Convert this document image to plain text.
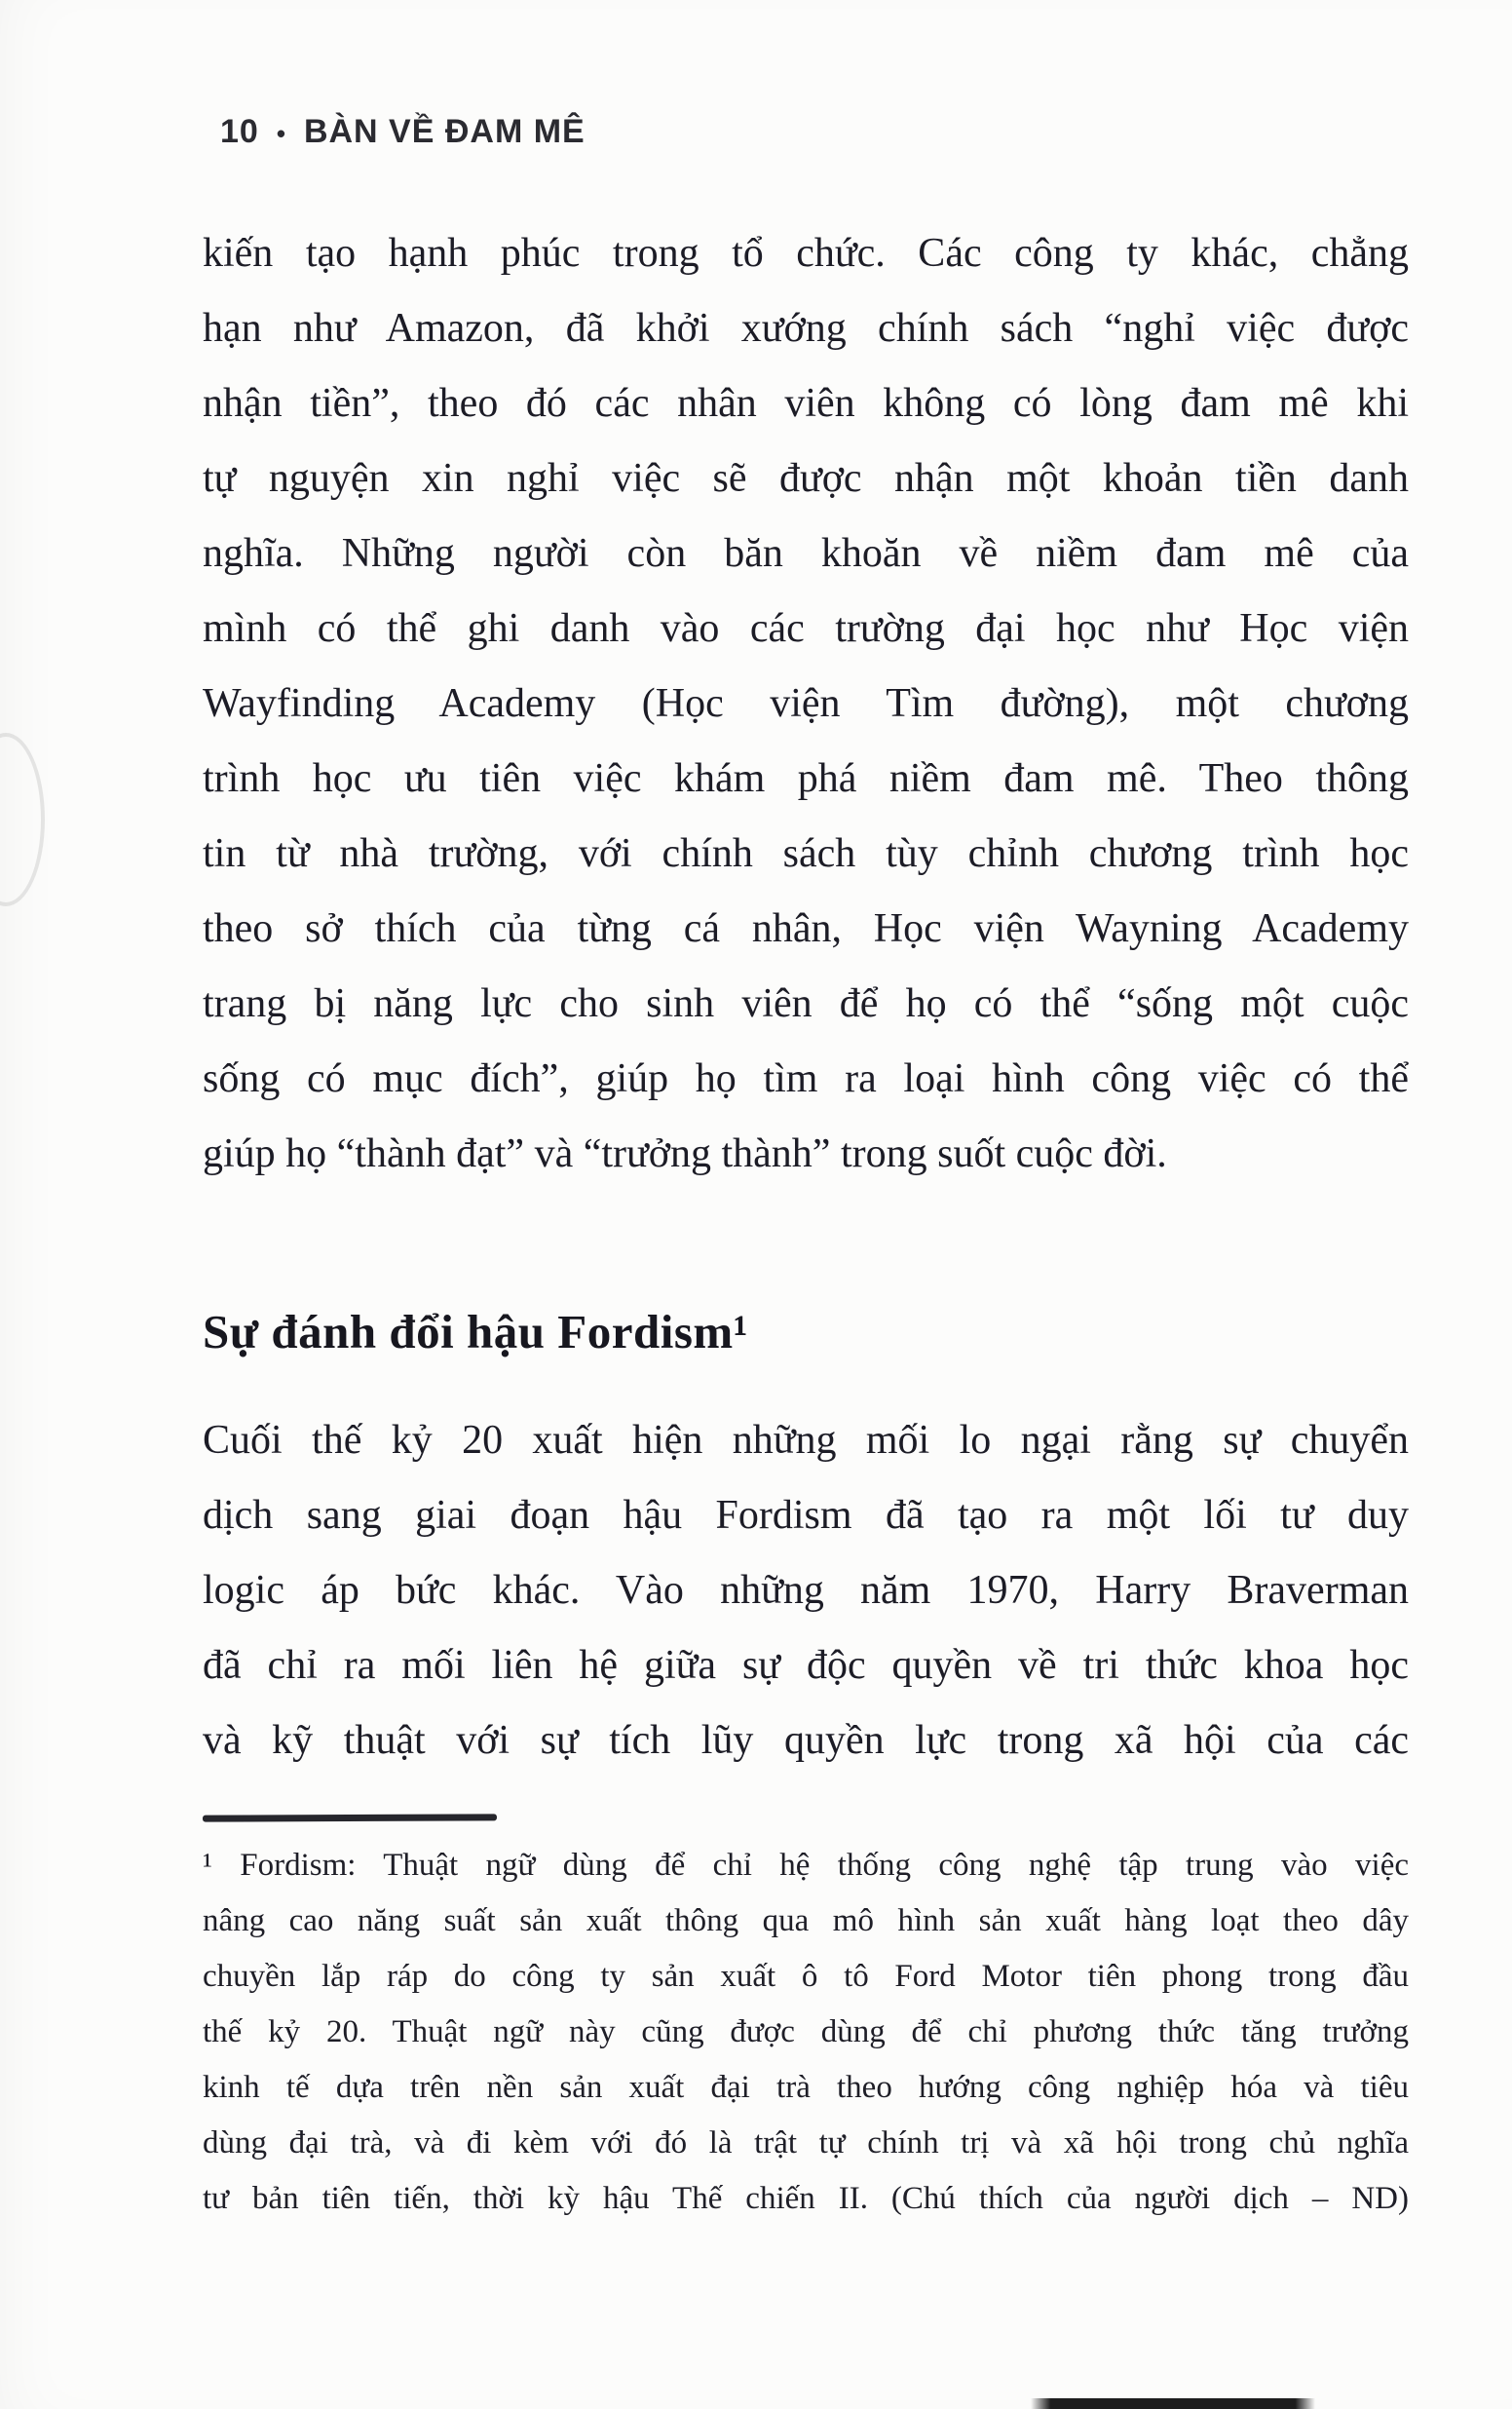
10 • BÀN VỀ ĐAM MÊ
kiến tạo hạnh phúc trong tổ chức. Các công ty khác, chẳng
hạn như Amazon, đã khởi xướng chính sách “nghỉ việc được
nhận tiền”, theo đó các nhân viên không có lòng đam mê khi
tự nguyện xin nghỉ việc sẽ được nhận một khoản tiền danh
nghĩa. Những người còn băn khoăn về niềm đam mê của
mình có thể ghi danh vào các trường đại học như Học viện
Wayfinding Academy (Học viện Tìm đường), một chương
trình học ưu tiên việc khám phá niềm đam mê. Theo thông
tin từ nhà trường, với chính sách tùy chỉnh chương trình học
theo sở thích của từng cá nhân, Học viện Wayning Academy
trang bị năng lực cho sinh viên để họ có thể “sống một cuộc
sống có mục đích”, giúp họ tìm ra loại hình công việc có thể
giúp họ “thành đạt” và “trưởng thành” trong suốt cuộc đời.
Sự đánh đổi hậu Fordism¹
Cuối thế kỷ 20 xuất hiện những mối lo ngại rằng sự chuyển
dịch sang giai đoạn hậu Fordism đã tạo ra một lối tư duy
logic áp bức khác. Vào những năm 1970, Harry Braverman
đã chỉ ra mối liên hệ giữa sự độc quyền về tri thức khoa học
và kỹ thuật với sự tích lũy quyền lực trong xã hội của các
¹ Fordism: Thuật ngữ dùng để chỉ hệ thống công nghệ tập trung vào việc
nâng cao năng suất sản xuất thông qua mô hình sản xuất hàng loạt theo dây
chuyền lắp ráp do công ty sản xuất ô tô Ford Motor tiên phong trong đầu
thế kỷ 20. Thuật ngữ này cũng được dùng để chỉ phương thức tăng trưởng
kinh tế dựa trên nền sản xuất đại trà theo hướng công nghiệp hóa và tiêu
dùng đại trà, và đi kèm với đó là trật tự chính trị và xã hội trong chủ nghĩa
tư bản tiên tiến, thời kỳ hậu Thế chiến II. (Chú thích của người dịch – ND)
